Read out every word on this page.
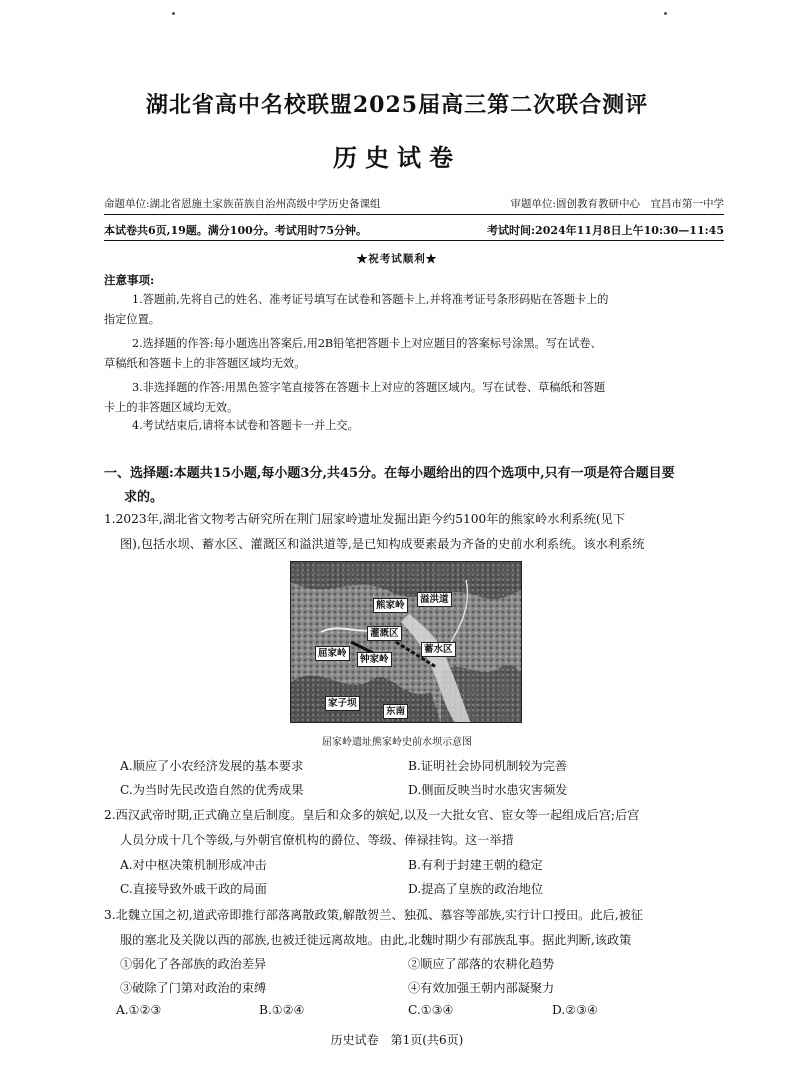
湖北省高中名校联盟2025届高三第二次联合测评
历史试卷
命题单位:湖北省恩施土家族苗族自治州高级中学历史备课组	审题单位:圆创教育教研中心　宜昌市第一中学
本试卷共6页,19题。满分100分。考试用时75分钟。	考试时间:2024年11月8日上午10:30—11:45
★祝考试顺利★
注意事项:
1.答题前,先将自己的姓名、准考证号填写在试卷和答题卡上,并将准考证号条形码贴在答题卡上的
指定位置。
2.选择题的作答:每小题选出答案后,用2B铅笔把答题卡上对应题目的答案标号涂黑。写在试卷、
草稿纸和答题卡上的非答题区域均无效。
3.非选择题的作答:用黑色签字笔直接答在答题卡上对应的答题区域内。写在试卷、草稿纸和答题
卡上的非答题区域均无效。
4.考试结束后,请将本试卷和答题卡一并上交。
一、选择题:本题共15小题,每小题3分,共45分。在每小题给出的四个选项中,只有一项是符合题目要
求的。
1.2023年,湖北省文物考古研究所在荆门屈家岭遗址发掘出距今约5100年的熊家岭水利系统(见下
图),包括水坝、蓄水区、灌溉区和溢洪道等,是已知构成要素最为齐备的史前水利系统。该水利系统
熊家岭
溢洪道
灌溉区
蓄水区
屈家岭
钟家岭
家子坝
东南
屈家岭遗址熊家岭史前水坝示意图
A.顺应了小农经济发展的基本要求	B.证明社会协同机制较为完善
C.为当时先民改造自然的优秀成果	D.侧面反映当时水患灾害频发
2.西汉武帝时期,正式确立皇后制度。皇后和众多的嫔妃,以及一大批女官、宦女等一起组成后宫;后宫
人员分成十几个等级,与外朝官僚机构的爵位、等级、俸禄挂钩。这一举措
A.对中枢决策机制形成冲击	B.有利于封建王朝的稳定
C.直接导致外戚干政的局面	D.提高了皇族的政治地位
3.北魏立国之初,道武帝即推行部落离散政策,解散贺兰、独孤、慕容等部族,实行计口授田。此后,被征
服的塞北及关陇以西的部族,也被迁徙远离故地。由此,北魏时期少有部族乱事。据此判断,该政策
①弱化了各部族的政治差异	②顺应了部落的农耕化趋势
③破除了门第对政治的束缚	④有效加强王朝内部凝聚力
A.①②③	B.①②④	C.①③④	D.②③④
历史试卷　第1页(共6页)
